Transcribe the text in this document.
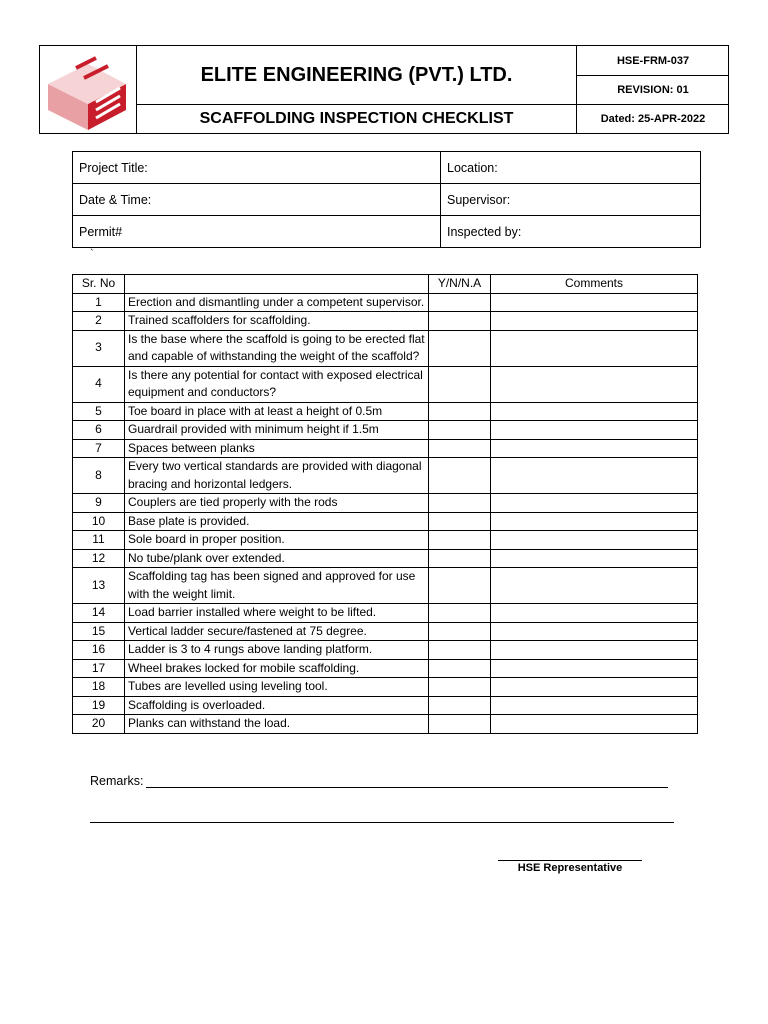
ELITE ENGINEERING (PVT.) LTD.
SCAFFOLDING INSPECTION CHECKLIST
HSE-FRM-037
REVISION: 01
Dated: 25-APR-2022
Project Title:	Location:
Date & Time:	Supervisor:
Permit#	Inspected by:
`
Sr. No		Y/N/N.A	Comments
1	Erection and dismantling under a competent supervisor.		
2	Trained scaffolders for scaffolding.		
3	Is the base where the scaffold is going to be erected flat and capable of withstanding the weight of the scaffold?		
4	Is there any potential for contact with exposed electrical equipment and conductors?		
5	Toe board in place with at least a height of 0.5m		
6	Guardrail provided with minimum height if 1.5m		
7	Spaces between planks		
8	Every two vertical standards are provided with diagonal bracing and horizontal ledgers.		
9	Couplers are tied properly with the rods		
10	Base plate is provided.		
11	Sole board in proper position.		
12	No tube/plank over extended.		
13	Scaffolding tag has been signed and approved for use with the weight limit.		
14	Load barrier installed where weight to be lifted.		
15	Vertical ladder secure/fastened at 75 degree.		
16	Ladder is 3 to 4 rungs above landing platform.		
17	Wheel brakes locked for mobile scaffolding.		
18	Tubes are levelled using leveling tool.		
19	Scaffolding is overloaded.		
20	Planks can withstand the load.		
Remarks:
HSE Representative
